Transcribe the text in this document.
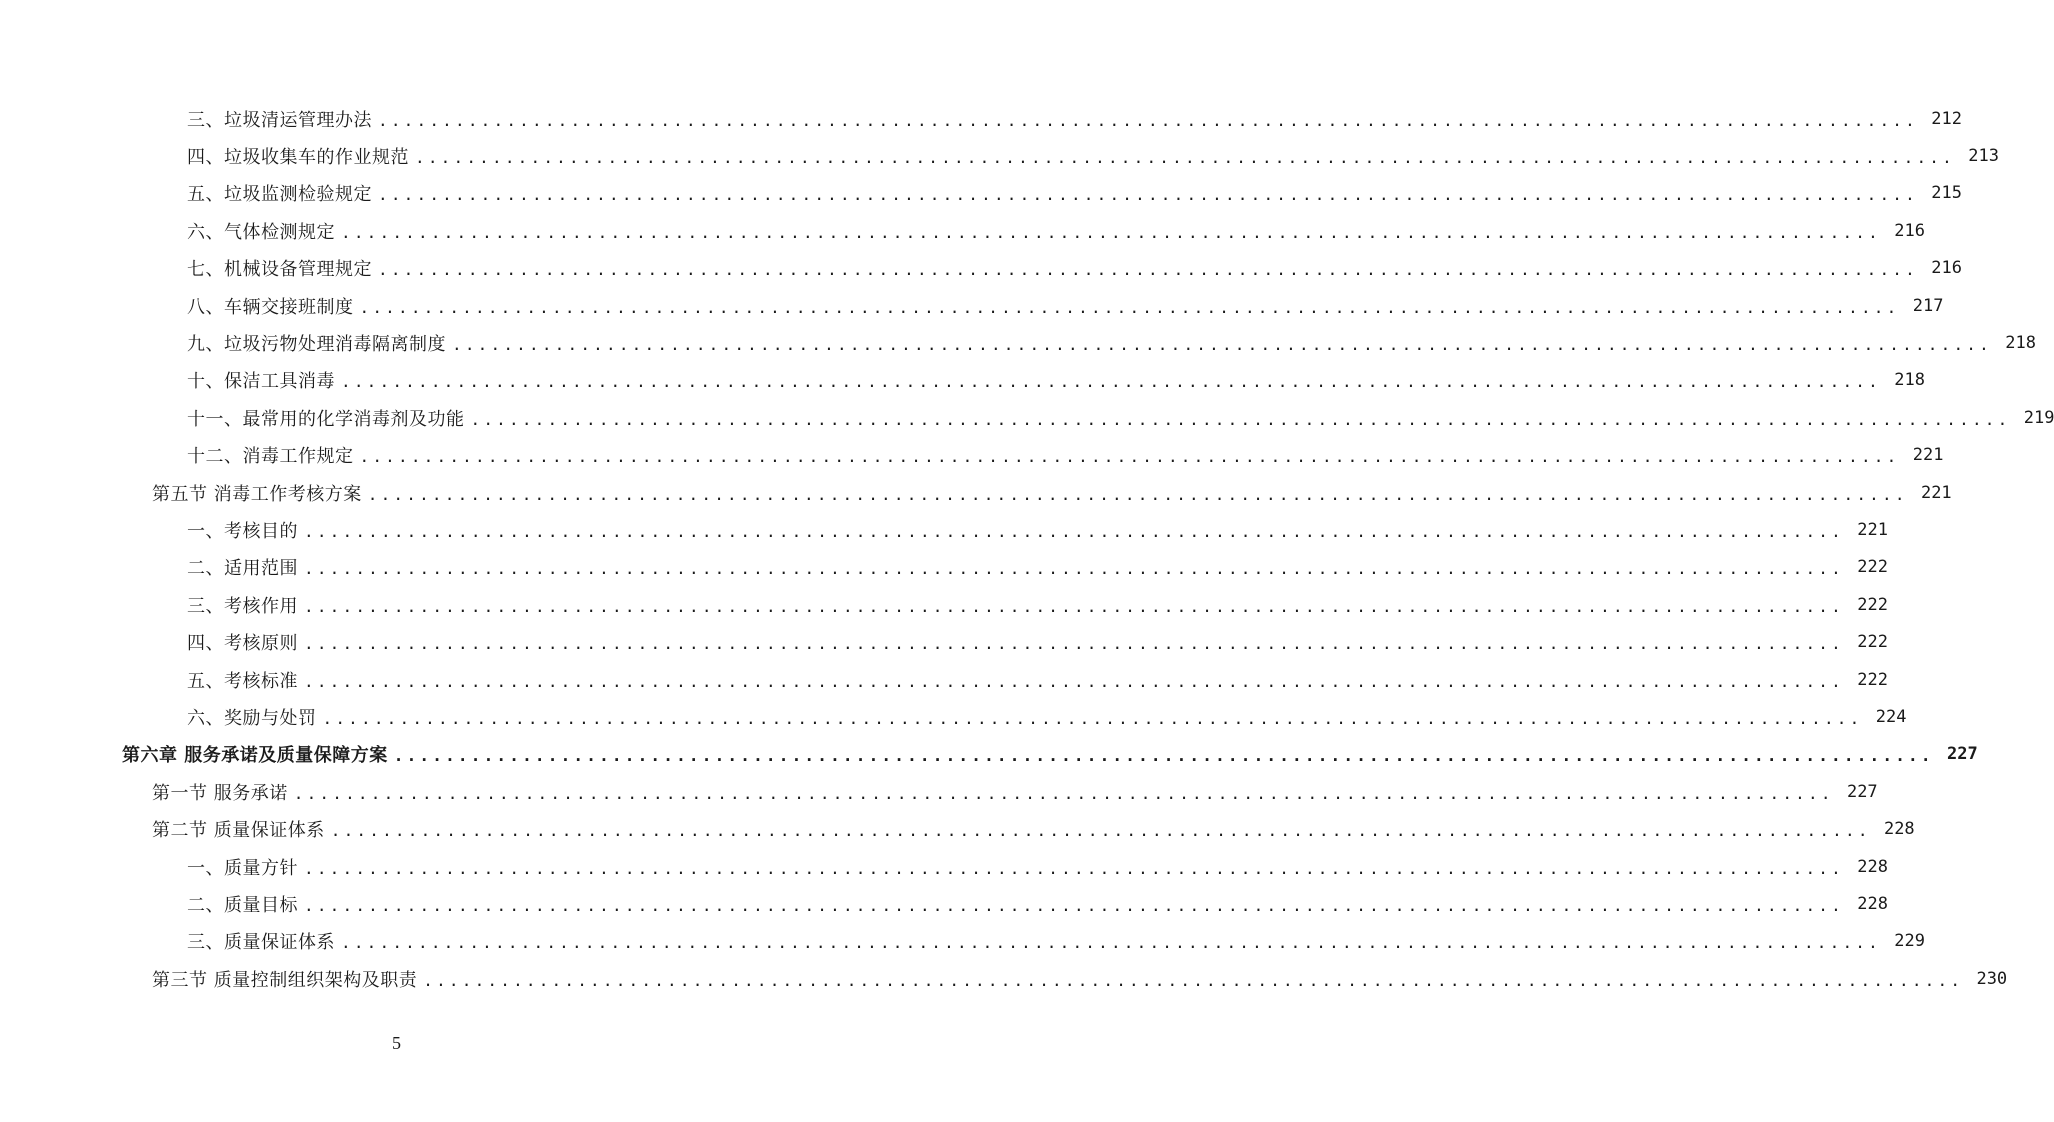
三、垃圾清运管理办法 ........................................................................................................................ 212
四、垃圾收集车的作业规范 ........................................................................................................................ 213
五、垃圾监测检验规定 ........................................................................................................................ 215
六、气体检测规定 ........................................................................................................................ 216
七、机械设备管理规定 ........................................................................................................................ 216
八、车辆交接班制度 ........................................................................................................................ 217
九、垃圾污物处理消毒隔离制度 ........................................................................................................................ 218
十、保洁工具消毒 ........................................................................................................................ 218
十一、最常用的化学消毒剂及功能 ........................................................................................................................ 219
十二、消毒工作规定 ........................................................................................................................ 221
第五节 消毒工作考核方案 ........................................................................................................................ 221
一、考核目的 ........................................................................................................................ 221
二、适用范围 ........................................................................................................................ 222
三、考核作用 ........................................................................................................................ 222
四、考核原则 ........................................................................................................................ 222
五、考核标准 ........................................................................................................................ 222
六、奖励与处罚 ........................................................................................................................ 224
第六章 服务承诺及质量保障方案 ........................................................................................................................ 227
第一节 服务承诺 ........................................................................................................................ 227
第二节 质量保证体系 ........................................................................................................................ 228
一、质量方针 ........................................................................................................................ 228
二、质量目标 ........................................................................................................................ 228
三、质量保证体系 ........................................................................................................................ 229
第三节 质量控制组织架构及职责 ........................................................................................................................ 230
5
